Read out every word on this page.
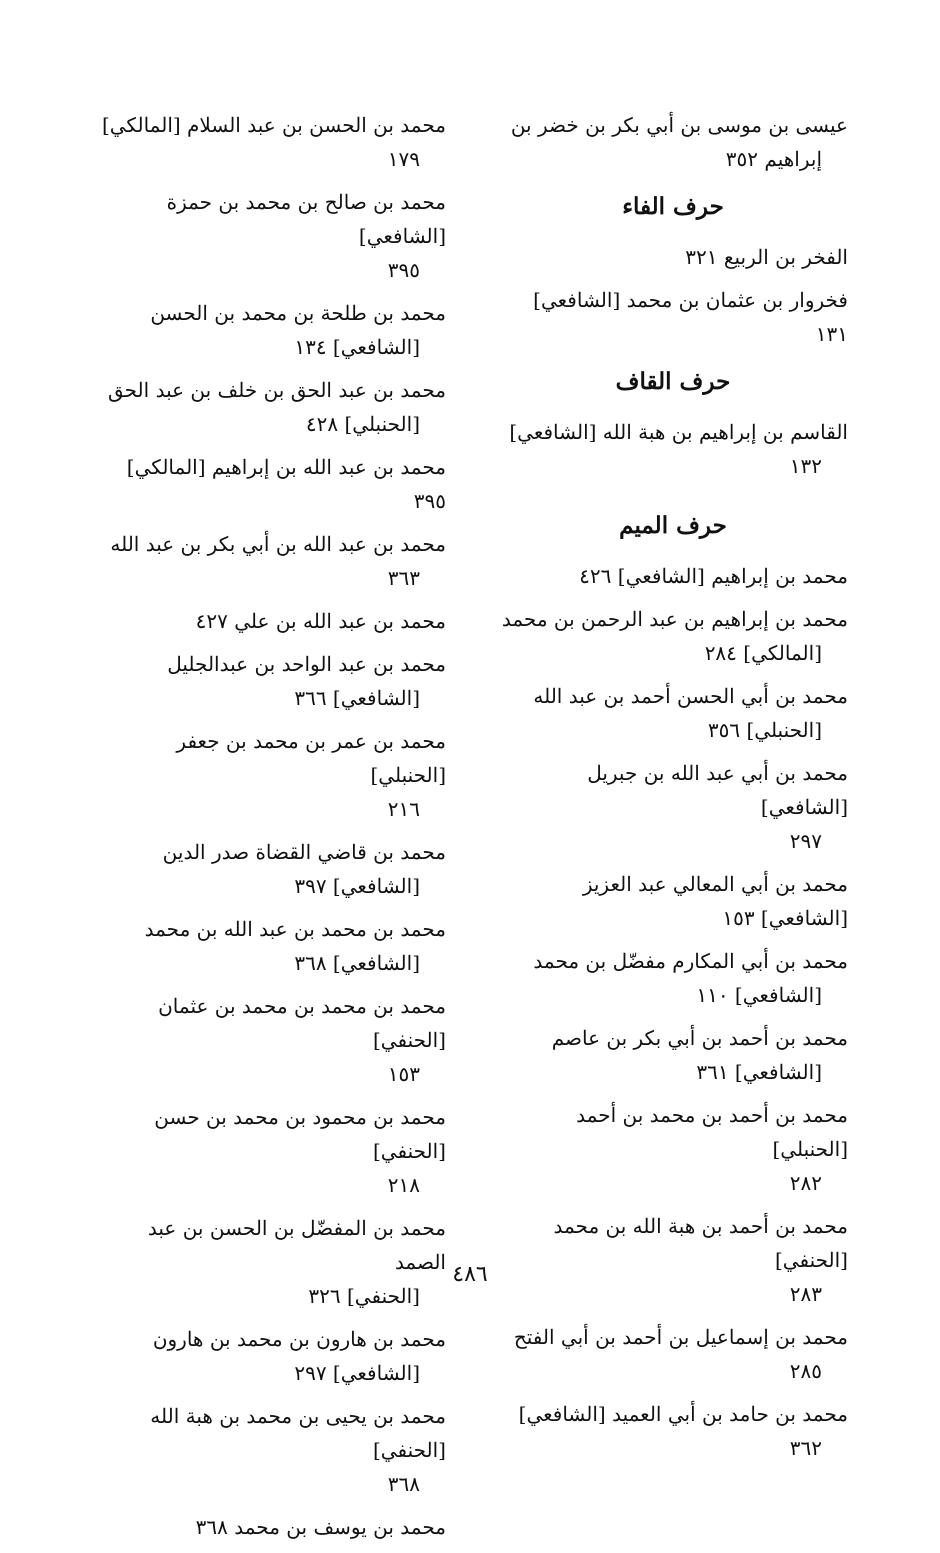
عيسى بن موسى بن أبي بكر بن خضر بن
إبراهيم ٣٥٢
حرف الفاء
الفخر بن الربيع ٣٢١
فخروار بن عثمان بن محمد [الشافعي] ١٣١
حرف القاف
القاسم بن إبراهيم بن هبة الله [الشافعي]
١٣٢
حرف الميم
محمد بن إبراهيم [الشافعي] ٤٢٦
محمد بن إبراهيم بن عبد الرحمن بن محمد
[المالكي] ٢٨٤
محمد بن أبي الحسن أحمد بن عبد الله
[الحنبلي] ٣٥٦
محمد بن أبي عبد الله بن جبريل [الشافعي]
٢٩٧
محمد بن أبي المعالي عبد العزيز [الشافعي] ١٥٣
محمد بن أبي المكارم مفضّل بن محمد
[الشافعي] ١١٠
محمد بن أحمد بن أبي بكر بن عاصم
[الشافعي] ٣٦١
محمد بن أحمد بن محمد بن أحمد [الحنبلي]
٢٨٢
محمد بن أحمد بن هبة الله بن محمد [الحنفي]
٢٨٣
محمد بن إسماعيل بن أحمد بن أبي الفتح
٢٨٥
محمد بن حامد بن أبي العميد [الشافعي]
٣٦٢
محمد بن الحسن بن عبد السلام [المالكي]
١٧٩
محمد بن صالح بن محمد بن حمزة [الشافعي]
٣٩٥
محمد بن طلحة بن محمد بن الحسن
[الشافعي] ١٣٤
محمد بن عبد الحق بن خلف بن عبد الحق
[الحنبلي] ٤٢٨
محمد بن عبد الله بن إبراهيم [المالكي] ٣٩٥
محمد بن عبد الله بن أبي بكر بن عبد الله
٣٦٣
محمد بن عبد الله بن علي ٤٢٧
محمد بن عبد الواحد بن عبدالجليل
[الشافعي] ٣٦٦
محمد بن عمر بن محمد بن جعفر [الحنبلي]
٢١٦
محمد بن قاضي القضاة صدر الدين
[الشافعي] ٣٩٧
محمد بن محمد بن عبد الله بن محمد
[الشافعي] ٣٦٨
محمد بن محمد بن محمد بن عثمان [الحنفي]
١٥٣
محمد بن محمود بن محمد بن حسن [الحنفي]
٢١٨
محمد بن المفضّل بن الحسن بن عبد الصمد
[الحنفي] ٣٢٦
محمد بن هارون بن محمد بن هارون
[الشافعي] ٢٩٧
محمد بن يحيى بن محمد بن هبة الله [الحنفي]
٣٦٨
محمد بن يوسف بن محمد ٣٦٨
٤٨٦
